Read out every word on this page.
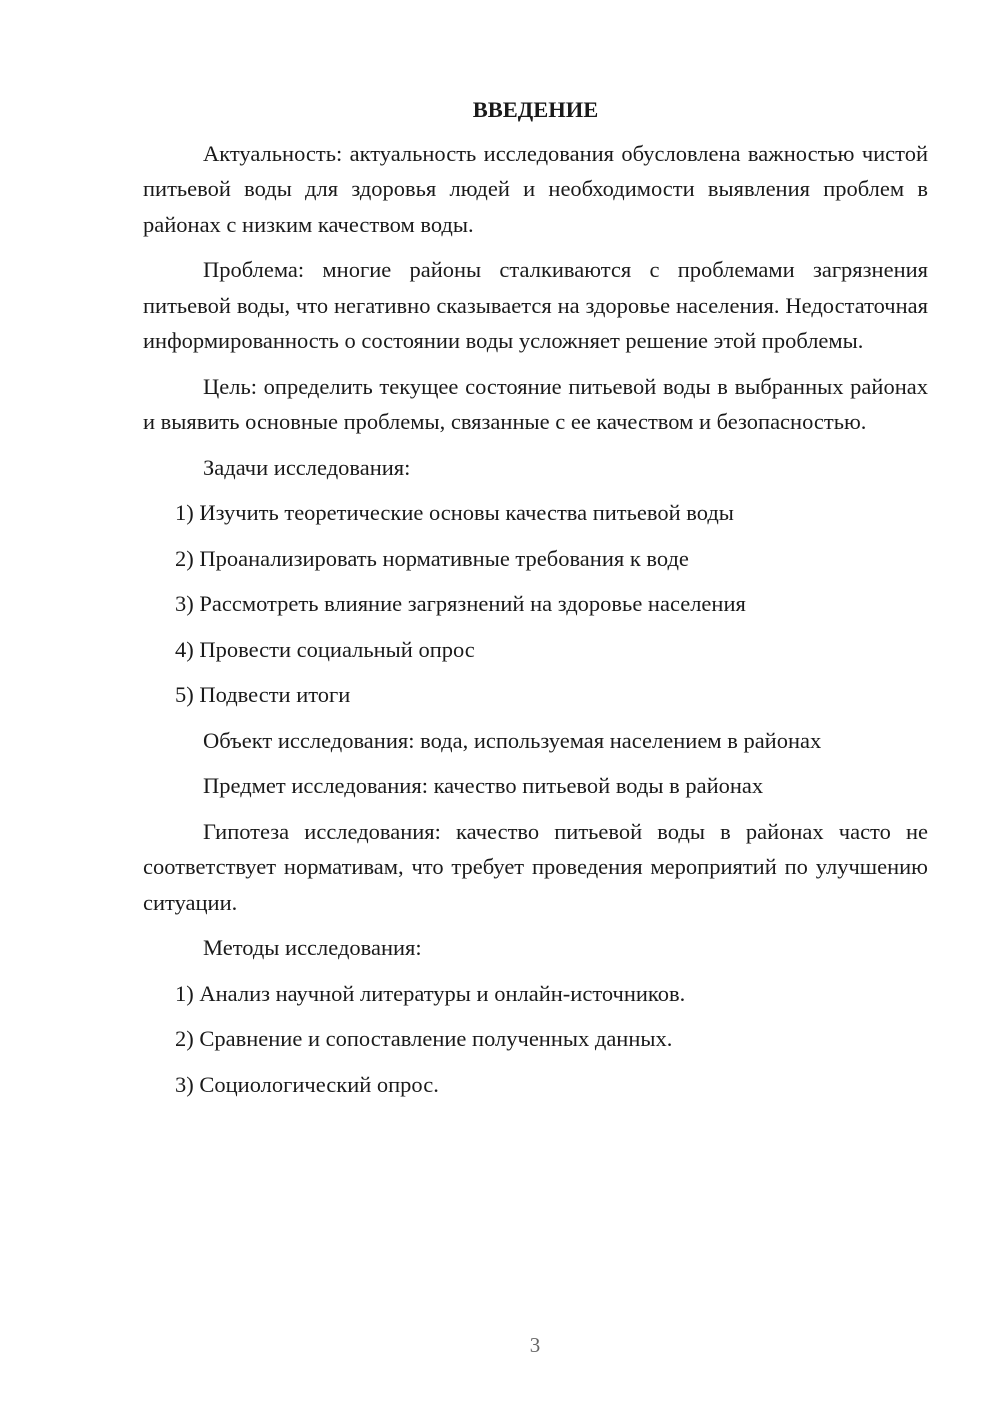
ВВЕДЕНИЕ

Актуальность: актуальность исследования обусловлена важностью чистой питьевой воды для здоровья людей и необходимости выявления проблем в районах с низким качеством воды.

Проблема: многие районы сталкиваются с проблемами загрязнения питьевой воды, что негативно сказывается на здоровье населения. Недостаточная информированность о состоянии воды усложняет решение этой проблемы.

Цель: определить текущее состояние питьевой воды в выбранных районах и выявить основные проблемы, связанные с ее качеством и безопасностью.

Задачи исследования:

1) Изучить теоретические основы качества питьевой воды
2) Проанализировать нормативные требования к воде
3) Рассмотреть влияние загрязнений на здоровье населения
4) Провести социальный опрос
5) Подвести итоги

Объект исследования: вода, используемая населением в районах

Предмет исследования: качество питьевой воды в районах

Гипотеза исследования: качество питьевой воды в районах часто не соответствует нормативам, что требует проведения мероприятий по улучшению ситуации.

Методы исследования:

1) Анализ научной литературы и онлайн-источников.
2) Сравнение и сопоставление полученных данных.
3) Социологический опрос.
3
